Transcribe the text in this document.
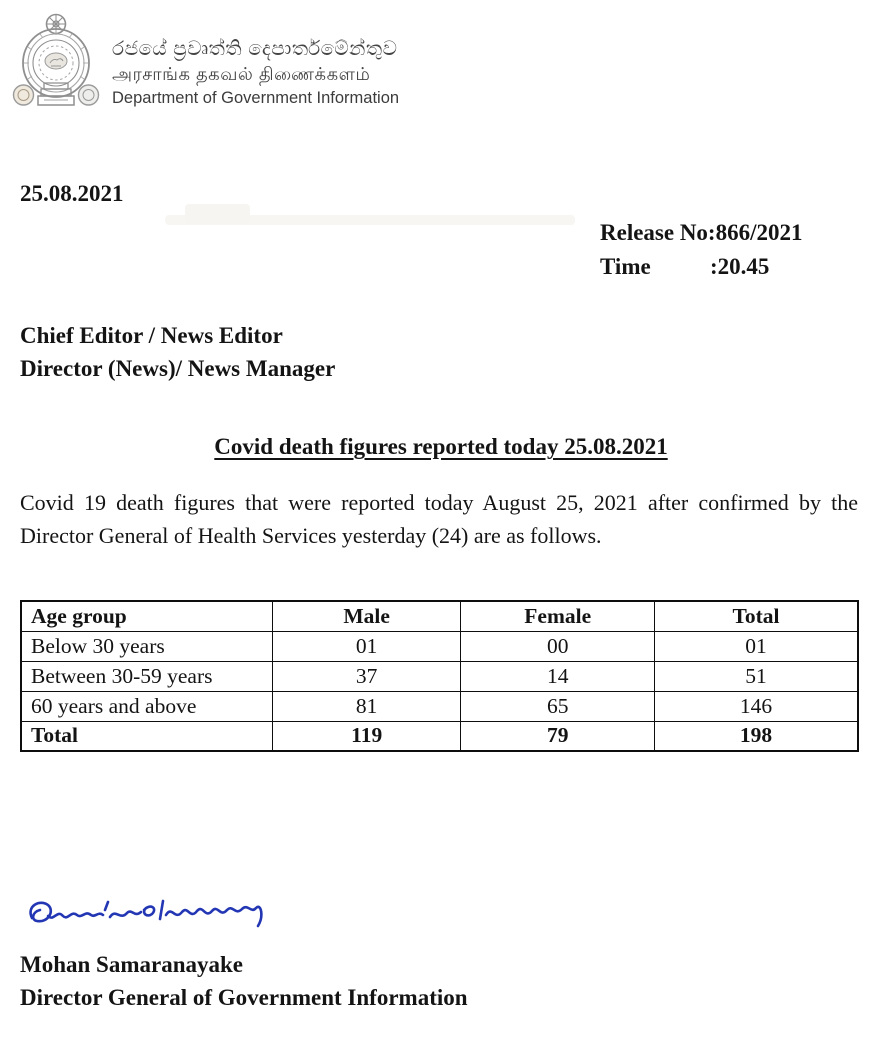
රජයේ ප්‍රවෘත්ති දෙපාර්තමේන්තුව
அரசாங்க தகவல் திணைக்களம்
Department of Government Information
25.08.2021
Release No:866/2021
Time	:20.45
Chief Editor / News Editor
Director (News)/ News Manager
Covid death figures reported today 25.08.2021
Covid 19 death figures that were reported today August 25, 2021 after confirmed by the Director General of Health Services yesterday (24) are as follows.
Age group	Male	Female	Total
Below 30 years	01	00	01
Between 30-59 years	37	14	51
60 years and above	81	65	146
Total	119	79	198
Mohan Samaranayake
Director General of Government Information
